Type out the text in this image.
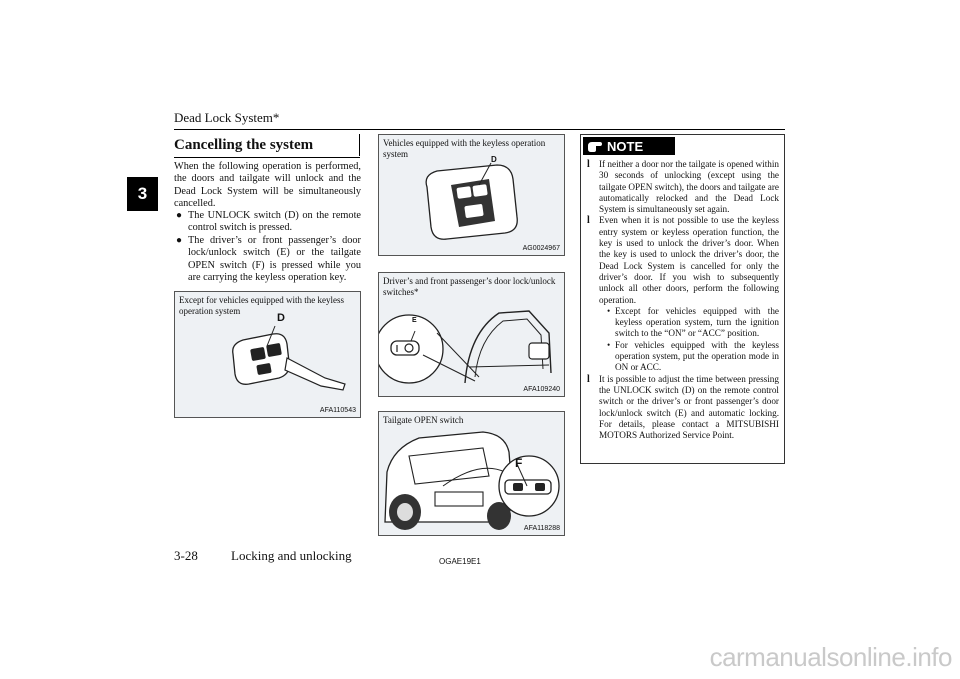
Dead Lock System*
3
Cancelling the system

When the following operation is performed, the doors and tailgate will unlock and the Dead Lock System will be simultaneously cancelled.

● The UNLOCK switch (D) on the remote control switch is pressed.
● The driver’s or front passenger’s door lock/unlock switch (E) or the tailgate OPEN switch (F) is pressed while you are carrying the keyless operation key.
Except for vehicles equipped with the keyless operation system
D
AFA110543
Vehicles equipped with the keyless operation system
D
AG0024967
Driver’s and front passenger’s door lock/unlock switches*
E
AFA109240
Tailgate OPEN switch
F
AFA118288
NOTE
l If neither a door nor the tailgate is opened within 30 seconds of unlocking (except using the tailgate OPEN switch), the doors and tailgate are automatically relocked and the Dead Lock System is simultaneously set again.
l Even when it is not possible to use the keyless entry system or keyless operation function, the key is used to unlock the driver’s door. When the key is used to unlock the driver’s door, the Dead Lock System is cancelled for only the driver’s door. If you wish to subsequently unlock all other doors, perform the following operation.
• Except for vehicles equipped with the keyless operation system, turn the ignition switch to the “ON” or “ACC” position.
• For vehicles equipped with the keyless operation system, put the operation mode in ON or ACC.
l It is possible to adjust the time between pressing the UNLOCK switch (D) on the remote control switch or the driver’s or front passenger’s door lock/unlock switch (E) and automatic locking. For details, please contact a MITSUBISHI MOTORS Authorized Service Point.
3-28	Locking and unlocking	OGAE19E1
carmanualsonline.info
